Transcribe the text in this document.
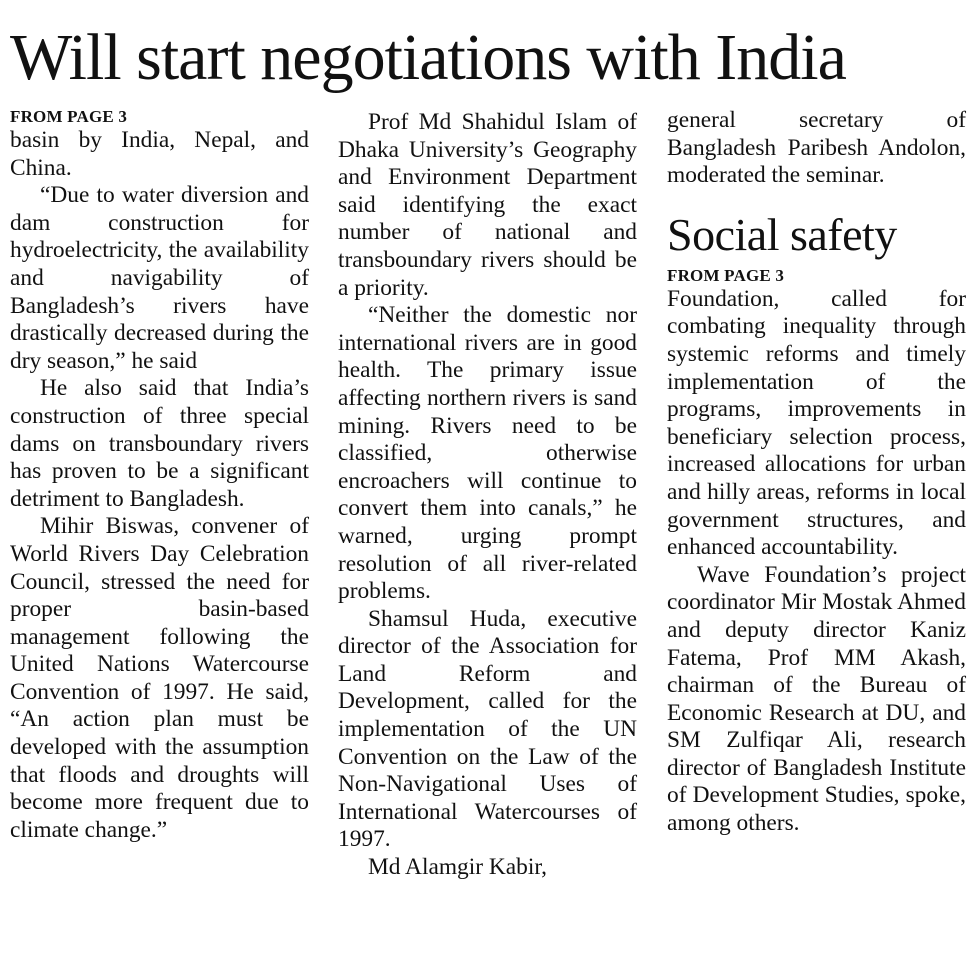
Will start negotiations with India
FROM PAGE 3

basin by India, Nepal, and China.

“Due to water diversion and dam construction for hydroelectricity, the availability and navigability of Bangladesh’s rivers have drastically decreased during the dry season,” he said

He also said that India’s construction of three special dams on transboundary rivers has proven to be a significant detriment to Bangladesh.

Mihir Biswas, convener of World Rivers Day Celebration Council, stressed the need for proper basin-based management following the United Nations Watercourse Convention of 1997. He said, “An action plan must be developed with the assumption that floods and droughts will become more frequent due to climate change.”

Prof Md Shahidul Islam of Dhaka University’s Geography and Environment Department said identifying the exact number of national and transboundary rivers should be a priority.

“Neither the domestic nor international rivers are in good health. The primary issue affecting northern rivers is sand mining. Rivers need to be classified, otherwise encroachers will continue to convert them into canals,” he warned, urging prompt resolution of all river-related problems.

Shamsul Huda, executive director of the Association for Land Reform and Development, called for the implementation of the UN Convention on the Law of the Non-Navigational Uses of International Watercourses of 1997.

Md Alamgir Kabir,

general secretary of Bangladesh Paribesh Andolon, moderated the seminar.

Social safety
FROM PAGE 3

Foundation, called for combating inequality through systemic reforms and timely implementation of the programs, improvements in beneficiary selection process, increased allocations for urban and hilly areas, reforms in local government structures, and enhanced accountability.

Wave Foundation’s project coordinator Mir Mostak Ahmed and deputy director Kaniz Fatema, Prof MM Akash, chairman of the Bureau of Economic Research at DU, and SM Zulfiqar Ali, research director of Bangladesh Institute of Development Studies, spoke, among others.
